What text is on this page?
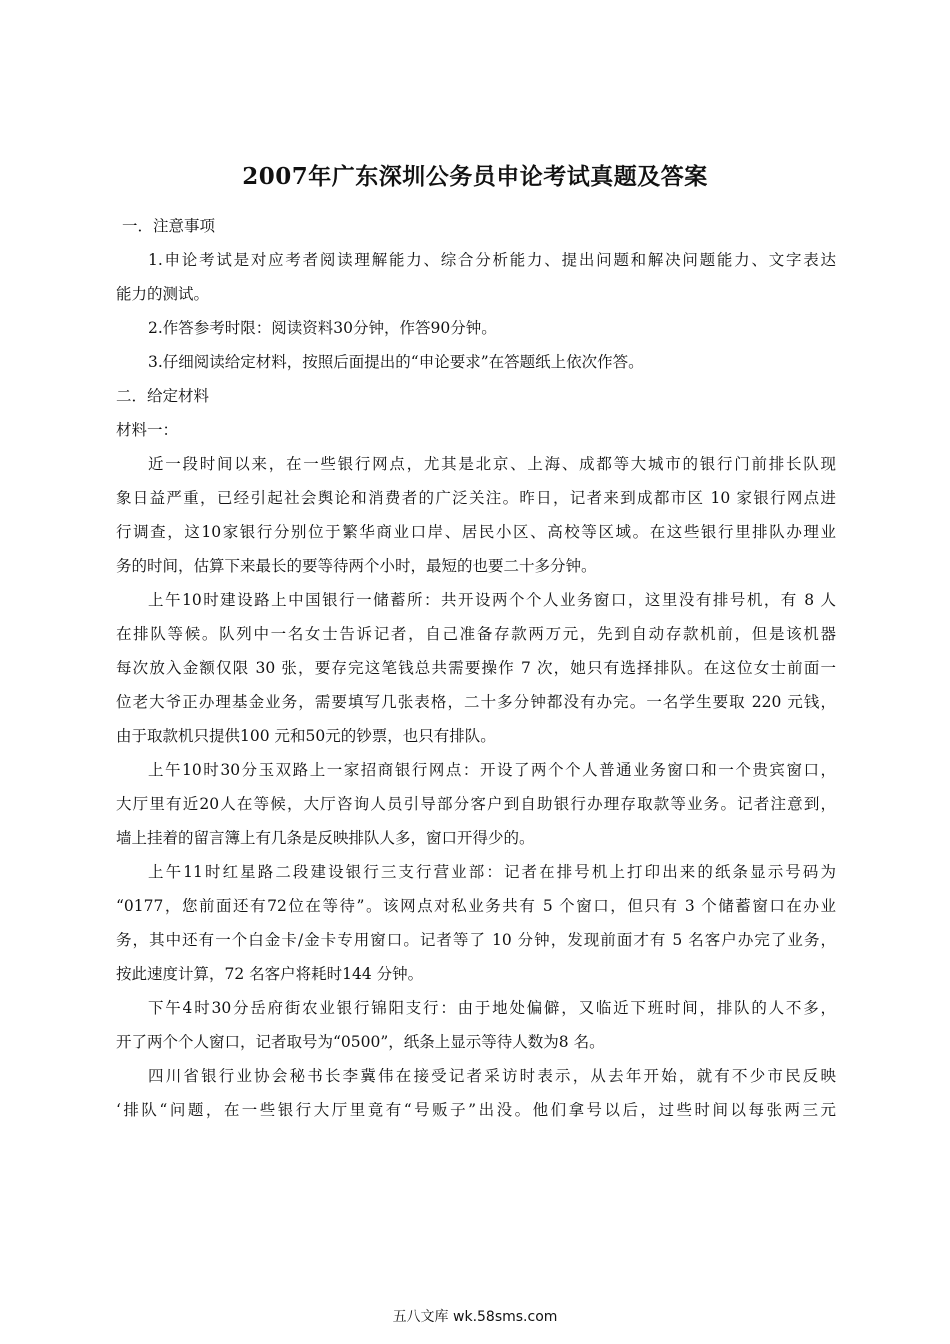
2007年广东深圳公务员申论考试真题及答案
一．注意事项
1.申论考试是对应考者阅读理解能力、综合分析能力、提出问题和解决问题能力、文字表达
能力的测试。
2.作答参考时限：阅读资料30分钟，作答90分钟。
3.仔细阅读给定材料，按照后面提出的“申论要求”在答题纸上依次作答。
二．给定材料
材料一：
近一段时间以来，在一些银行网点，尤其是北京、上海、成都等大城市的银行门前排长队现
象日益严重，已经引起社会舆论和消费者的广泛关注。昨日，记者来到成都市区 10 家银行网点进
行调查，这10家银行分别位于繁华商业口岸、居民小区、高校等区域。在这些银行里排队办理业
务的时间，估算下来最长的要等待两个小时，最短的也要二十多分钟。
上午10时建设路上中国银行一储蓄所：共开设两个个人业务窗口，这里没有排号机，有 8 人
在排队等候。队列中一名女士告诉记者，自己准备存款两万元，先到自动存款机前，但是该机器
每次放入金额仅限 30 张，要存完这笔钱总共需要操作 7 次，她只有选择排队。在这位女士前面一
位老大爷正办理基金业务，需要填写几张表格，二十多分钟都没有办完。一名学生要取 220 元钱，
由于取款机只提供100 元和50元的钞票，也只有排队。
上午10时30分玉双路上一家招商银行网点：开设了两个个人普通业务窗口和一个贵宾窗口，
大厅里有近20人在等候，大厅咨询人员引导部分客户到自助银行办理存取款等业务。记者注意到，
墙上挂着的留言簿上有几条是反映排队人多，窗口开得少的。
上午11时红星路二段建设银行三支行营业部：记者在排号机上打印出来的纸条显示号码为
“0177，您前面还有72位在等待”。该网点对私业务共有 5 个窗口，但只有 3 个储蓄窗口在办业
务，其中还有一个白金卡/金卡专用窗口。记者等了 10 分钟，发现前面才有 5 名客户办完了业务，
按此速度计算，72 名客户将耗时144 分钟。
下午4时30分岳府街农业银行锦阳支行：由于地处偏僻，又临近下班时间，排队的人不多，
开了两个个人窗口，记者取号为“0500”，纸条上显示等待人数为8 名。
四川省银行业协会秘书长李冀伟在接受记者采访时表示，从去年开始，就有不少市民反映
‘排队“问题，在一些银行大厅里竟有“号贩子”出没。他们拿号以后，过些时间以每张两三元
五八文库 wk.58sms.com
